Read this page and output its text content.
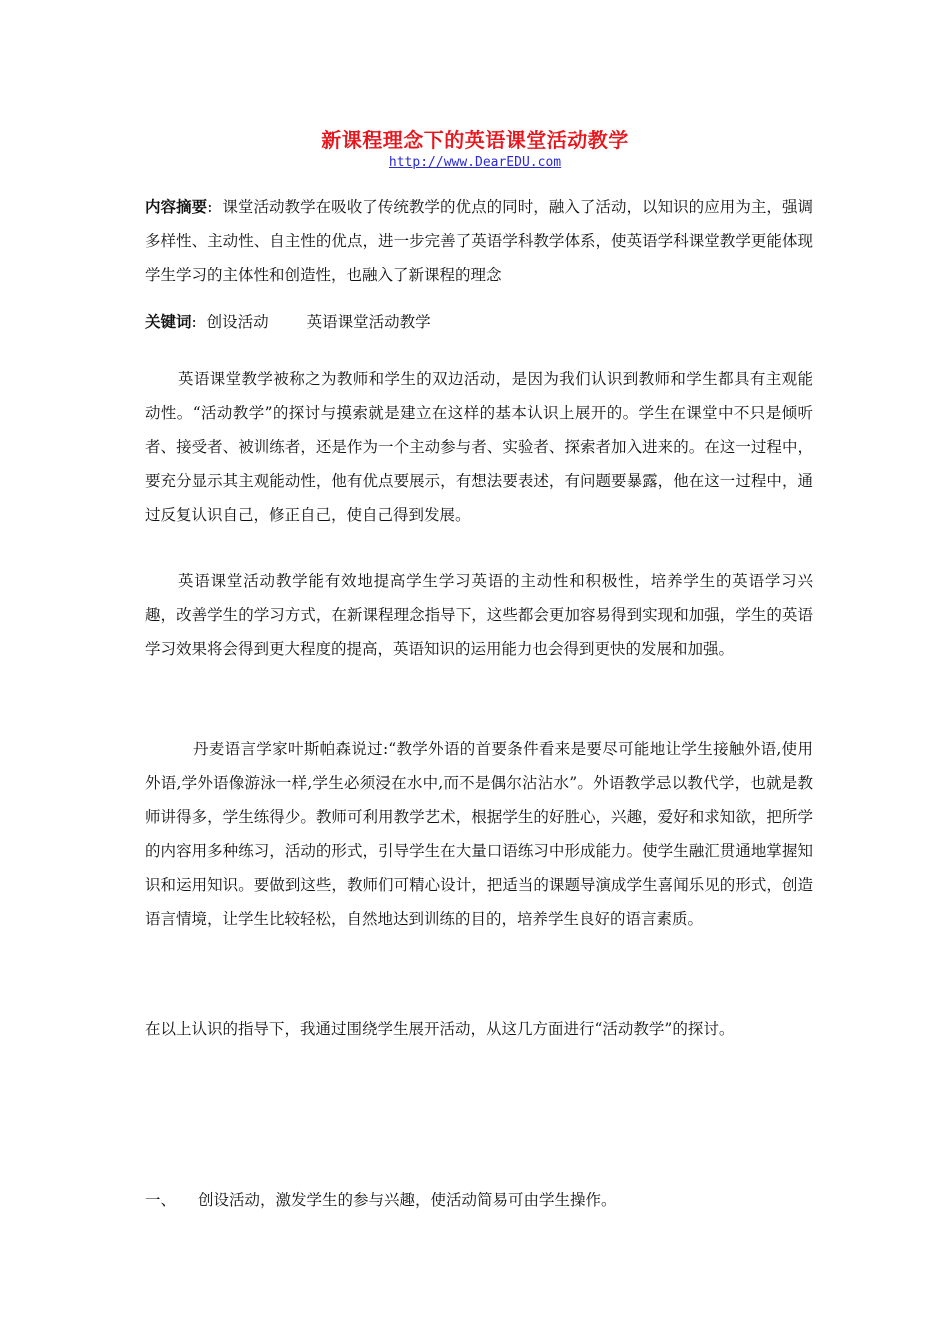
新课程理念下的英语课堂活动教学
http://www.DearEDU.com

内容摘要:  课堂活动教学在吸收了传统教学的优点的同时，融入了活动，以知识的应用为主，强调多样性、主动性、自主性的优点，进一步完善了英语学科教学体系，使英语学科课堂教学更能体现学生学习的主体性和创造性，也融入了新课程的理念

关键词:  创设活动 英语课堂活动教学

英语课堂教学被称之为教师和学生的双边活动，是因为我们认识到教师和学生都具有主观能动性。“活动教学”的探讨与摸索就是建立在这样的基本认识上展开的。学生在课堂中不只是倾听者、接受者、被训练者，还是作为一个主动参与者、实验者、探索者加入进来的。在这一过程中，要充分显示其主观能动性，他有优点要展示，有想法要表述，有问题要暴露，他在这一过程中，通过反复认识自己，修正自己，使自己得到发展。

英语课堂活动教学能有效地提高学生学习英语的主动性和积极性，培养学生的英语学习兴趣，改善学生的学习方式，在新课程理念指导下，这些都会更加容易得到实现和加强，学生的英语学习效果将会得到更大程度的提高，英语知识的运用能力也会得到更快的发展和加强。

丹麦语言学家叶斯帕森说过:“教学外语的首要条件看来是要尽可能地让学生接触外语,使用外语,学外语像游泳一样,学生必须浸在水中,而不是偶尔沾沾水”。外语教学忌以教代学，也就是教师讲得多，学生练得少。教师可利用教学艺术，根据学生的好胜心，兴趣，爱好和求知欲，把所学的内容用多种练习，活动的形式，引导学生在大量口语练习中形成能力。使学生融汇贯通地掌握知识和运用知识。要做到这些，教师们可精心设计，把适当的课题导演成学生喜闻乐见的形式，创造语言情境，让学生比较轻松，自然地达到训练的目的，培养学生良好的语言素质。

在以上认识的指导下，我通过围绕学生展开活动，从这几方面进行“活动教学”的探讨。

一、 创设活动，激发学生的参与兴趣，使活动简易可由学生操作。
